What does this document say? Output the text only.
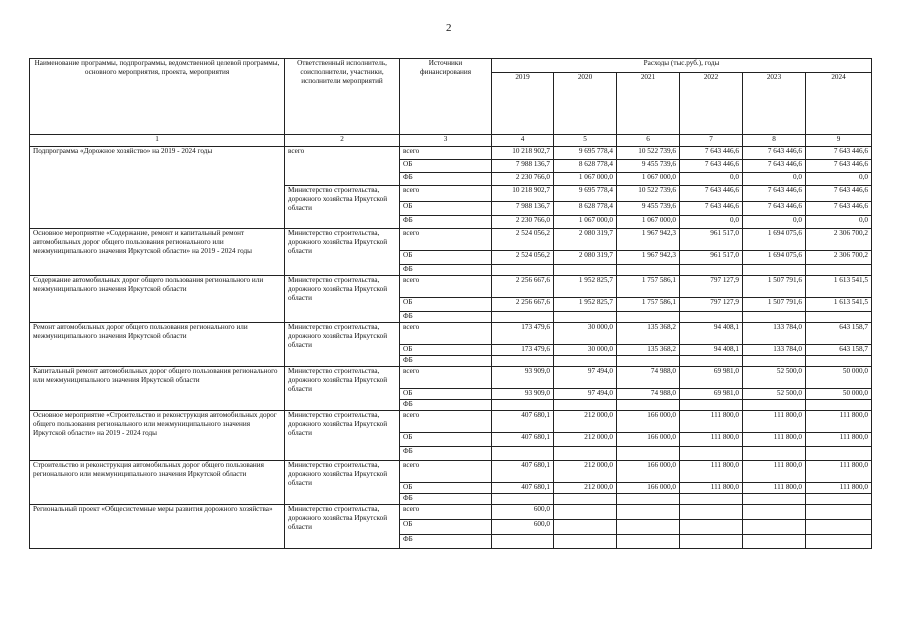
2
Наименование программы, подпрограммы, ведомственной целевой программы, основного мероприятия, проекта, мероприятия	Ответственный исполнитель, соисполнители, участники, исполнители мероприятий	Источники финансирования	Расходы (тыс.руб.), годы					
			2019	2020	2021	2022	2023	2024
1	2	3	4	5	6	7	8	9
Подпрограмма «Дорожное хозяйство» на 2019 - 2024 годы	всего	всего	10 218 902,7	9 695 778,4	10 522 739,6	7 643 446,6	7 643 446,6	7 643 446,6
		ОБ	7 988 136,7	8 628 778,4	9 455 739,6	7 643 446,6	7 643 446,6	7 643 446,6
		ФБ	2 230 766,0	1 067 000,0	1 067 000,0	0,0	0,0	0,0
	Министерство строительства, дорожного хозяйства Иркутской области	всего	10 218 902,7	9 695 778,4	10 522 739,6	7 643 446,6	7 643 446,6	7 643 446,6
		ОБ	7 988 136,7	8 628 778,4	9 455 739,6	7 643 446,6	7 643 446,6	7 643 446,6
		ФБ	2 230 766,0	1 067 000,0	1 067 000,0	0,0	0,0	0,0
Основное мероприятие «Содержание, ремонт и капитальный ремонт автомобильных дорог общего пользования регионального или межмуниципального значения Иркутской области» на 2019 - 2024 годы	Министерство строительства, дорожного хозяйства Иркутской области	всего	2 524 056,2	2 080 319,7	1 967 942,3	961 517,0	1 694 075,6	2 306 700,2
		ОБ	2 524 056,2	2 080 319,7	1 967 942,3	961 517,0	1 694 075,6	2 306 700,2
		ФБ						
Содержание автомобильных дорог общего пользования регионального или межмуниципального значения Иркутской области	Министерство строительства, дорожного хозяйства Иркутской области	всего	2 256 667,6	1 952 825,7	1 757 586,1	797 127,9	1 507 791,6	1 613 541,5
		ОБ	2 256 667,6	1 952 825,7	1 757 586,1	797 127,9	1 507 791,6	1 613 541,5
		ФБ						
Ремонт автомобильных дорог общего пользования регионального или межмуниципального значения Иркутской области	Министерство строительства, дорожного хозяйства Иркутской области	всего	173 479,6	30 000,0	135 368,2	94 408,1	133 784,0	643 158,7
		ОБ	173 479,6	30 000,0	135 368,2	94 408,1	133 784,0	643 158,7
		ФБ						
Капитальный ремонт автомобильных дорог общего пользования регионального или межмуниципального значения Иркутской области	Министерство строительства, дорожного хозяйства Иркутской области	всего	93 909,0	97 494,0	74 988,0	69 981,0	52 500,0	50 000,0
		ОБ	93 909,0	97 494,0	74 988,0	69 981,0	52 500,0	50 000,0
		ФБ						
Основное мероприятие «Строительство и реконструкция автомобильных дорог общего пользования регионального или межмуниципального значения Иркутской области» на 2019 - 2024 годы	Министерство строительства, дорожного хозяйства Иркутской области	всего	407 680,1	212 000,0	166 000,0	111 800,0	111 800,0	111 800,0
		ОБ	407 680,1	212 000,0	166 000,0	111 800,0	111 800,0	111 800,0
		ФБ						
Строительство и реконструкция автомобильных дорог общего пользования регионального или межмуниципального значения Иркутской области	Министерство строительства, дорожного хозяйства Иркутской области	всего	407 680,1	212 000,0	166 000,0	111 800,0	111 800,0	111 800,0
		ОБ	407 680,1	212 000,0	166 000,0	111 800,0	111 800,0	111 800,0
		ФБ						
Региональный проект «Общесистемные меры развития дорожного хозяйства»	Министерство строительства, дорожного хозяйства Иркутской области	всего	600,0					
		ОБ	600,0					
		ФБ						
